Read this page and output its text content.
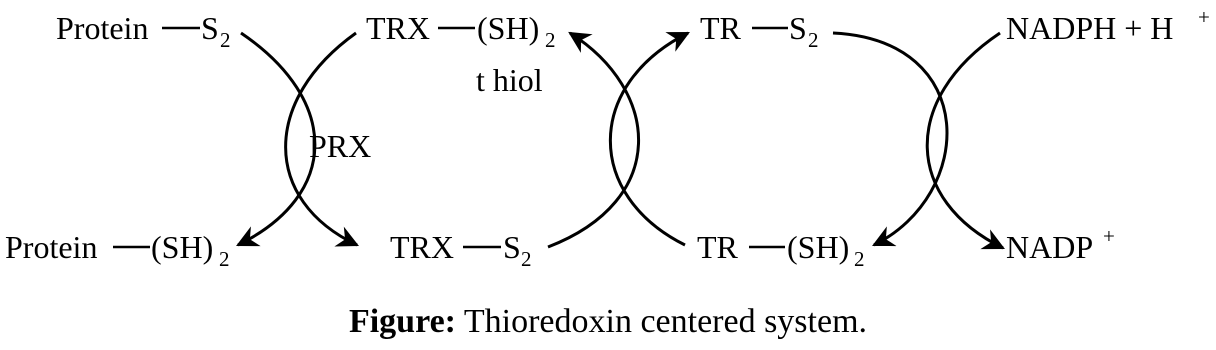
Protein S 2
Protein (SH) 2
TRX (SH) 2
TRX S 2
TR S 2
TR (SH) 2
NADPH + H +
NADP +
t hiol
PRX
Figure: Thioredoxin centered system.
